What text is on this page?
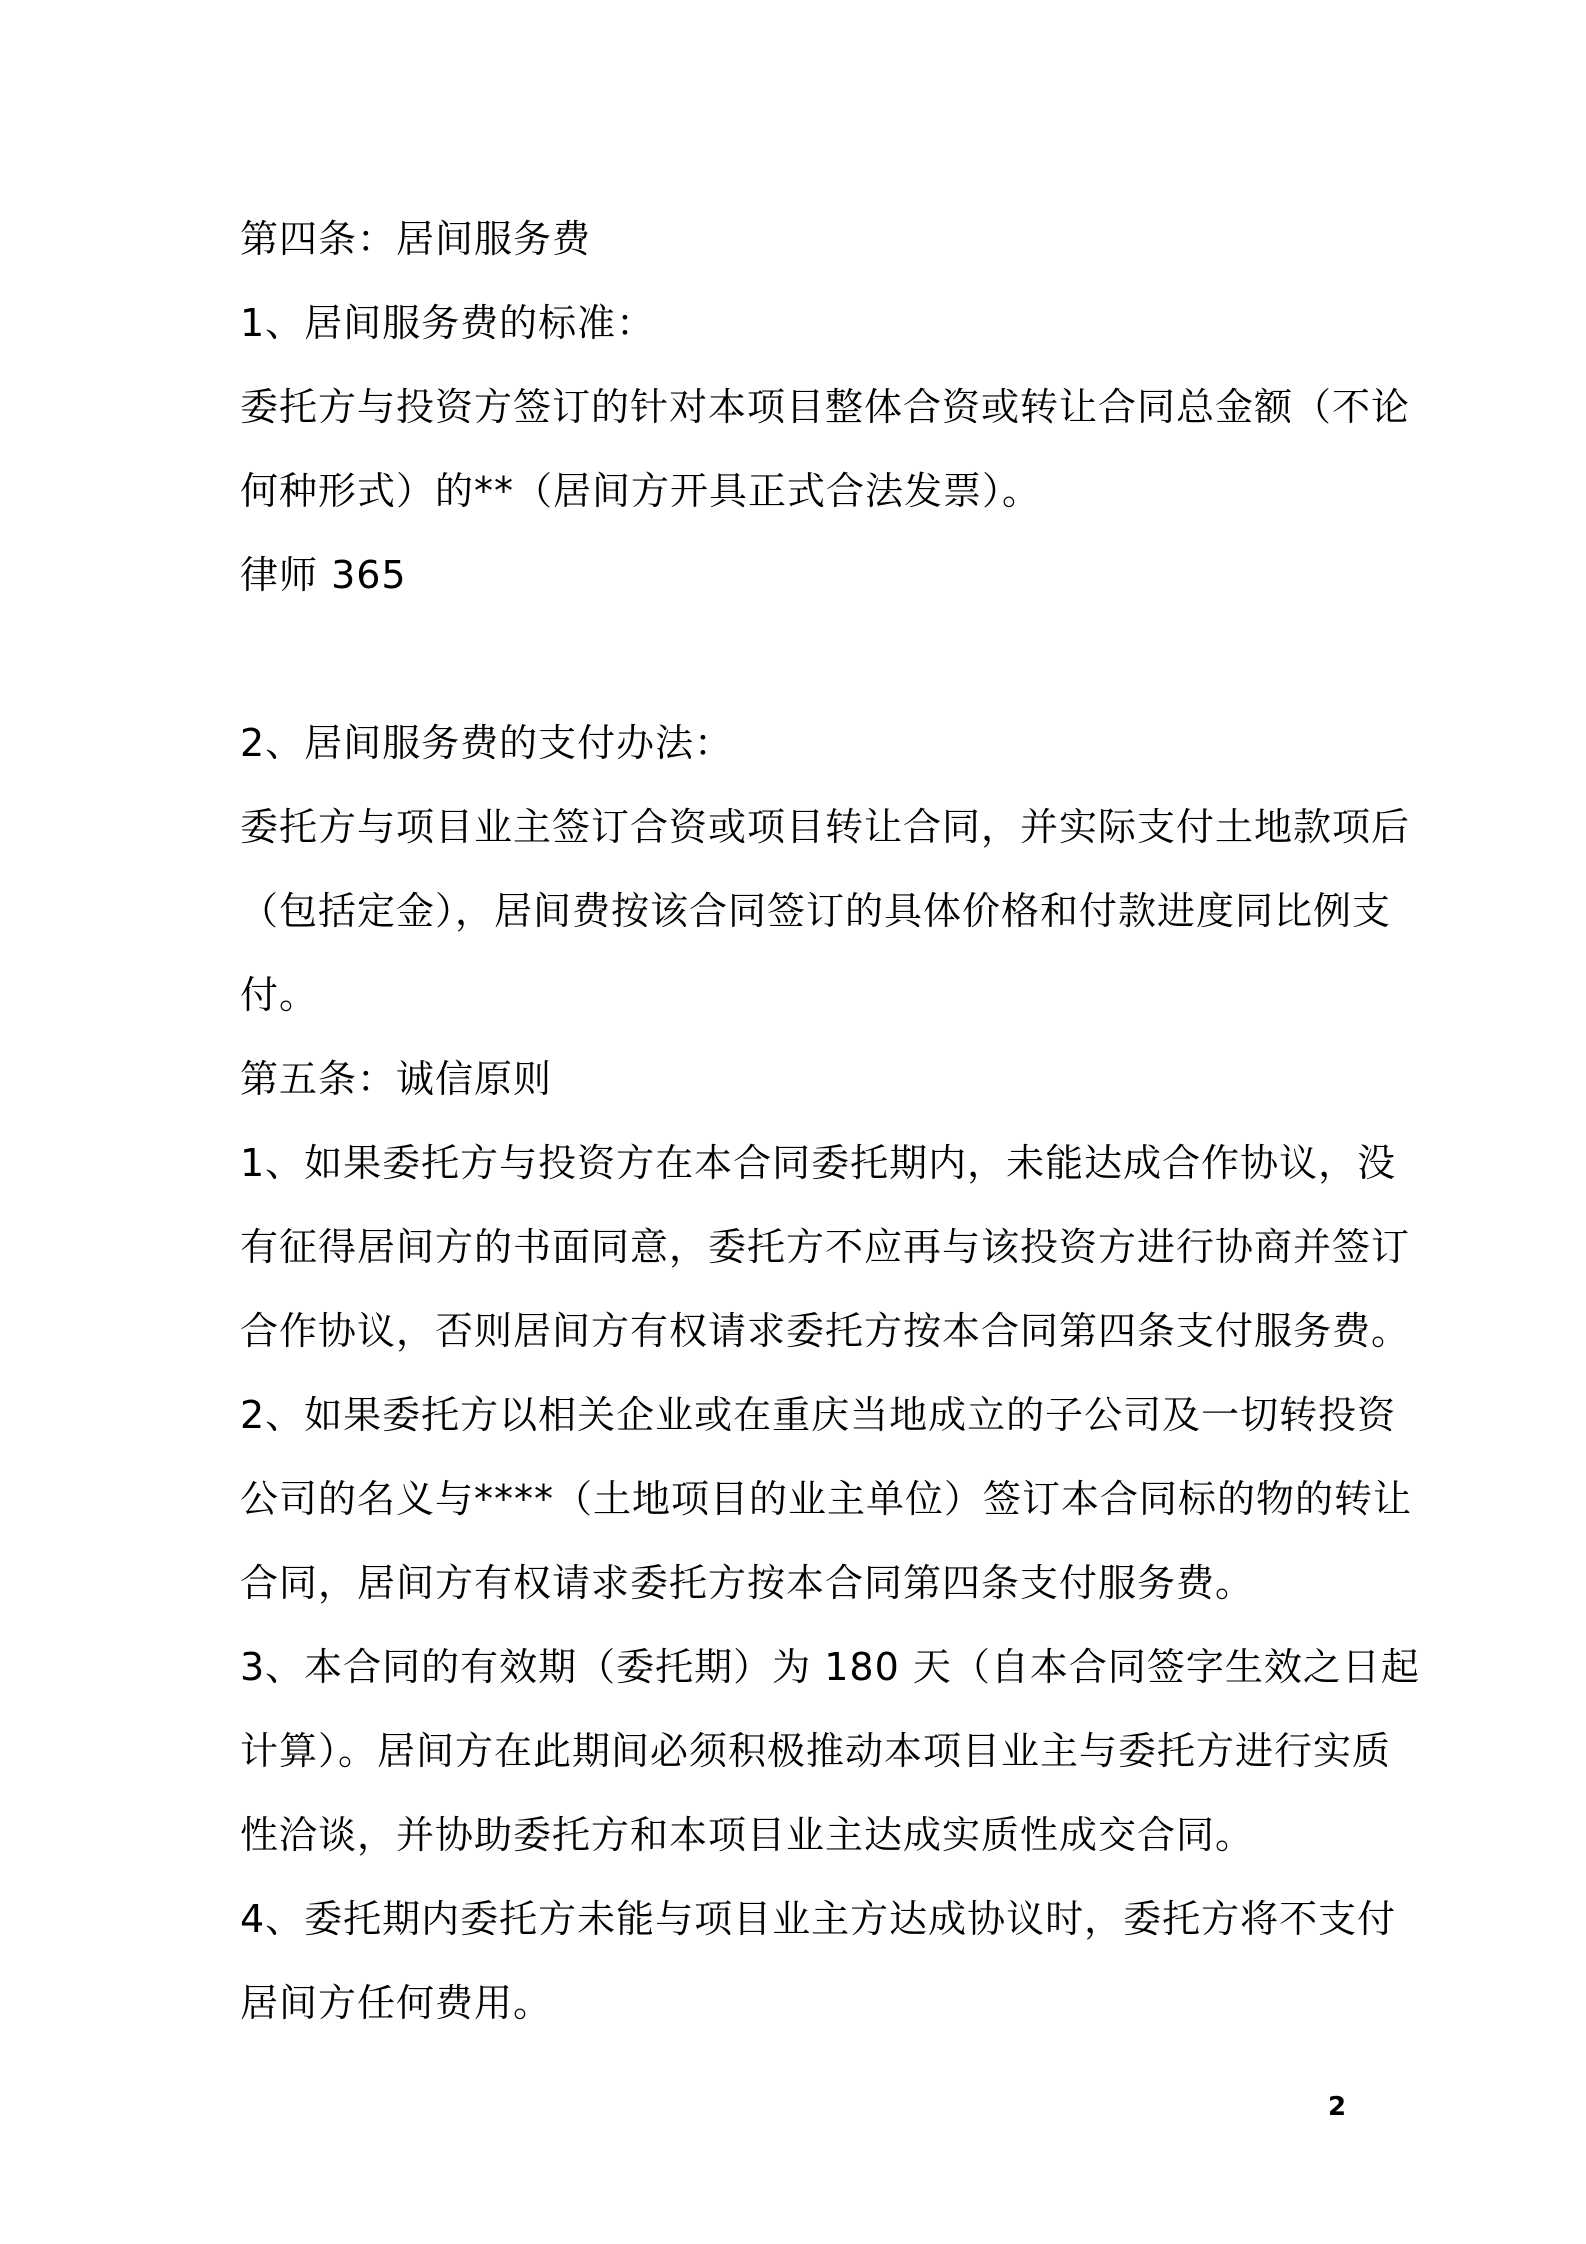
第四条：居间服务费

1、居间服务费的标准：

委托方与投资方签订的针对本项目整体合资或转让合同总金额（不论

何种形式）的**（居间方开具正式合法发票）。

律师 365

2、居间服务费的支付办法：

委托方与项目业主签订合资或项目转让合同，并实际支付土地款项后

（包括定金），居间费按该合同签订的具体价格和付款进度同比例支

付。

第五条：诚信原则

1、如果委托方与投资方在本合同委托期内，未能达成合作协议，没

有征得居间方的书面同意，委托方不应再与该投资方进行协商并签订

合作协议，否则居间方有权请求委托方按本合同第四条支付服务费。

2、如果委托方以相关企业或在重庆当地成立的子公司及一切转投资

公司的名义与****（土地项目的业主单位）签订本合同标的物的转让

合同，居间方有权请求委托方按本合同第四条支付服务费。

3、本合同的有效期（委托期）为 180 天（自本合同签字生效之日起

计算）。居间方在此期间必须积极推动本项目业主与委托方进行实质

性洽谈，并协助委托方和本项目业主达成实质性成交合同。

4、委托期内委托方未能与项目业主方达成协议时，委托方将不支付

居间方任何费用。

2
